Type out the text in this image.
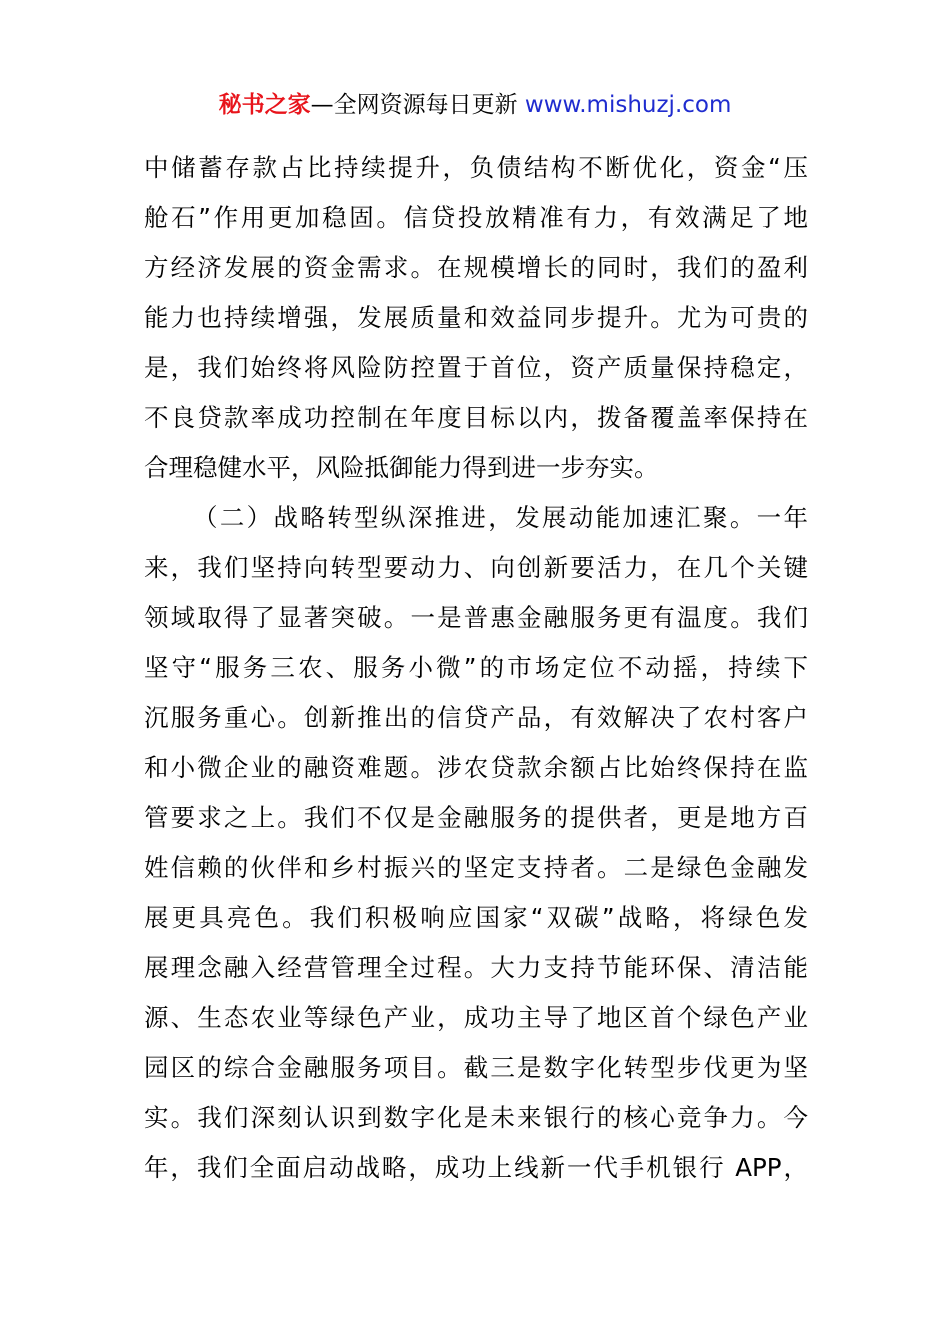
秘书之家—全网资源每日更新 www.mishuzj.com
中储蓄存款占比持续提升，负债结构不断优化，资金“压
舱石”作用更加稳固。信贷投放精准有力，有效满足了地
方经济发展的资金需求。在规模增长的同时，我们的盈利
能力也持续增强，发展质量和效益同步提升。尤为可贵的
是，我们始终将风险防控置于首位，资产质量保持稳定，
不良贷款率成功控制在年度目标以内，拨备覆盖率保持在
合理稳健水平，风险抵御能力得到进一步夯实。
（二）战略转型纵深推进，发展动能加速汇聚。一年
来，我们坚持向转型要动力、向创新要活力，在几个关键
领域取得了显著突破。一是普惠金融服务更有温度。我们
坚守“服务三农、服务小微”的市场定位不动摇，持续下
沉服务重心。创新推出的信贷产品，有效解决了农村客户
和小微企业的融资难题。涉农贷款余额占比始终保持在监
管要求之上。我们不仅是金融服务的提供者，更是地方百
姓信赖的伙伴和乡村振兴的坚定支持者。二是绿色金融发
展更具亮色。我们积极响应国家“双碳”战略，将绿色发
展理念融入经营管理全过程。大力支持节能环保、清洁能
源、生态农业等绿色产业，成功主导了地区首个绿色产业
园区的综合金融服务项目。截三是数字化转型步伐更为坚
实。我们深刻认识到数字化是未来银行的核心竞争力。今
年，我们全面启动战略，成功上线新一代手机银行 APP，
